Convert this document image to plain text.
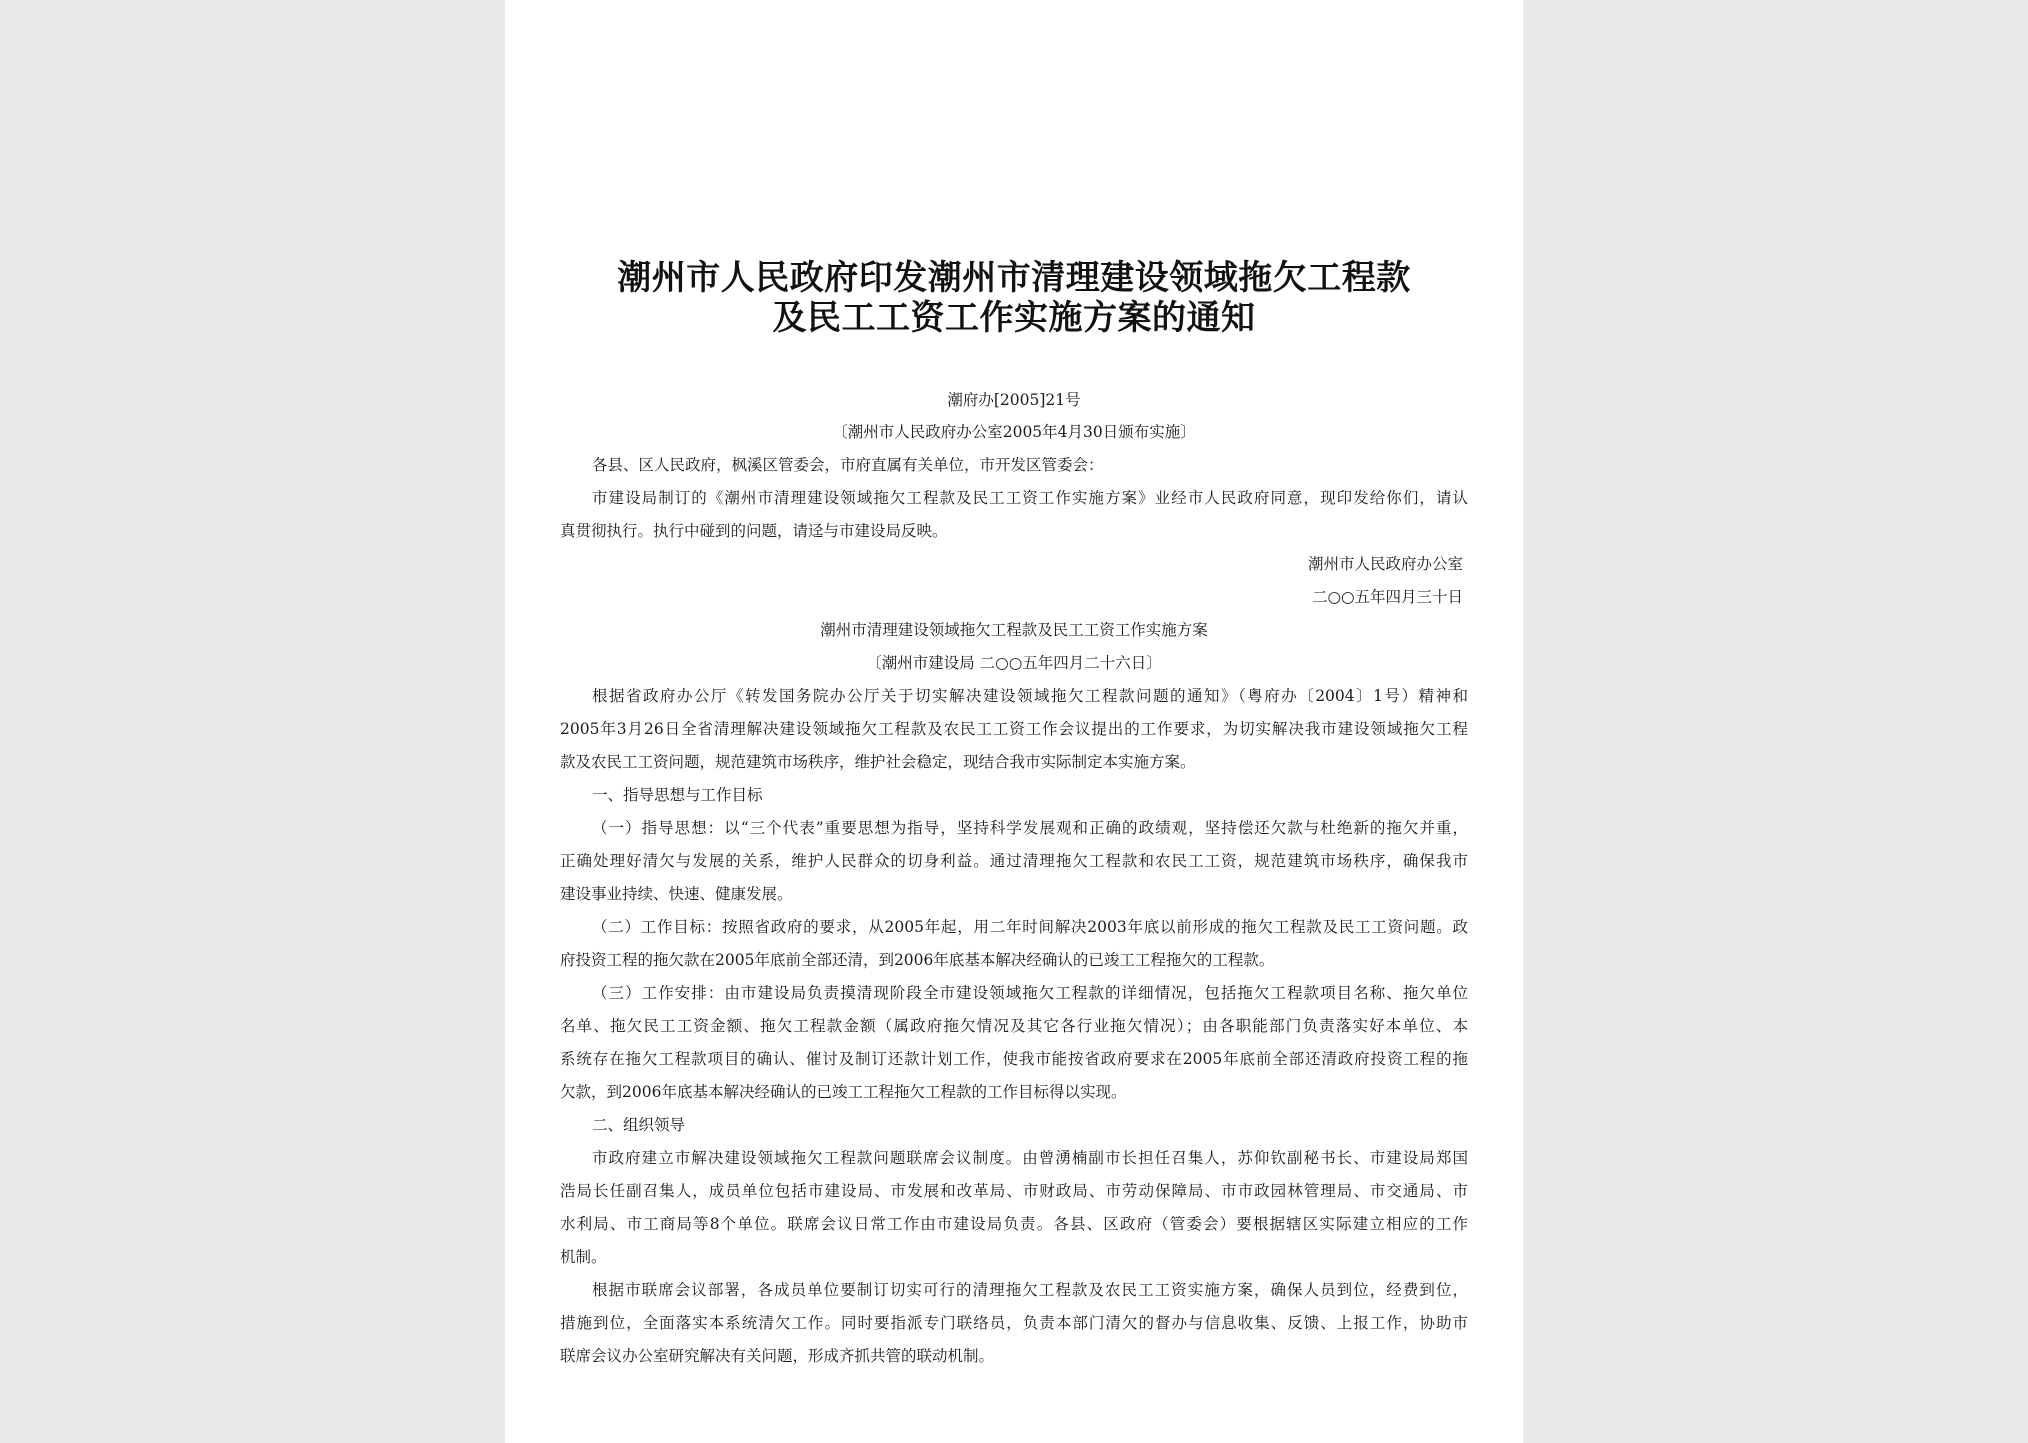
潮州市人民政府印发潮州市清理建设领域拖欠工程款
及民工工资工作实施方案的通知
潮府办[2005]21号
〔潮州市人民政府办公室2005年4月30日颁布实施〕
各县、区人民政府，枫溪区管委会，市府直属有关单位，市开发区管委会：
市建设局制订的《潮州市清理建设领域拖欠工程款及民工工资工作实施方案》业经市人民政府同意，现印发给你们，请认
真贯彻执行。执行中碰到的问题，请迳与市建设局反映。
潮州市人民政府办公室
二○○五年四月三十日
潮州市清理建设领域拖欠工程款及民工工资工作实施方案
〔潮州市建设局 二○○五年四月二十六日〕
根据省政府办公厅《转发国务院办公厅关于切实解决建设领域拖欠工程款问题的通知》（粤府办〔2004〕1号）精神和
2005年3月26日全省清理解决建设领域拖欠工程款及农民工工资工作会议提出的工作要求，为切实解决我市建设领域拖欠工程
款及农民工工资问题，规范建筑市场秩序，维护社会稳定，现结合我市实际制定本实施方案。
一、指导思想与工作目标
（一）指导思想：以“三个代表”重要思想为指导，坚持科学发展观和正确的政绩观，坚持偿还欠款与杜绝新的拖欠并重，
正确处理好清欠与发展的关系，维护人民群众的切身利益。通过清理拖欠工程款和农民工工资，规范建筑市场秩序，确保我市
建设事业持续、快速、健康发展。
（二）工作目标：按照省政府的要求，从2005年起，用二年时间解决2003年底以前形成的拖欠工程款及民工工资问题。政
府投资工程的拖欠款在2005年底前全部还清，到2006年底基本解决经确认的已竣工工程拖欠的工程款。
（三）工作安排：由市建设局负责摸清现阶段全市建设领域拖欠工程款的详细情况，包括拖欠工程款项目名称、拖欠单位
名单、拖欠民工工资金额、拖欠工程款金额（属政府拖欠情况及其它各行业拖欠情况）；由各职能部门负责落实好本单位、本
系统存在拖欠工程款项目的确认、催讨及制订还款计划工作，使我市能按省政府要求在2005年底前全部还清政府投资工程的拖
欠款，到2006年底基本解决经确认的已竣工工程拖欠工程款的工作目标得以实现。
二、组织领导
市政府建立市解决建设领域拖欠工程款问题联席会议制度。由曾湧楠副市长担任召集人，苏仰钦副秘书长、市建设局郑国
浩局长任副召集人，成员单位包括市建设局、市发展和改革局、市财政局、市劳动保障局、市市政园林管理局、市交通局、市
水利局、市工商局等8个单位。联席会议日常工作由市建设局负责。各县、区政府（管委会）要根据辖区实际建立相应的工作
机制。
根据市联席会议部署，各成员单位要制订切实可行的清理拖欠工程款及农民工工资实施方案，确保人员到位，经费到位，
措施到位，全面落实本系统清欠工作。同时要指派专门联络员，负责本部门清欠的督办与信息收集、反馈、上报工作，协助市
联席会议办公室研究解决有关问题，形成齐抓共管的联动机制。
